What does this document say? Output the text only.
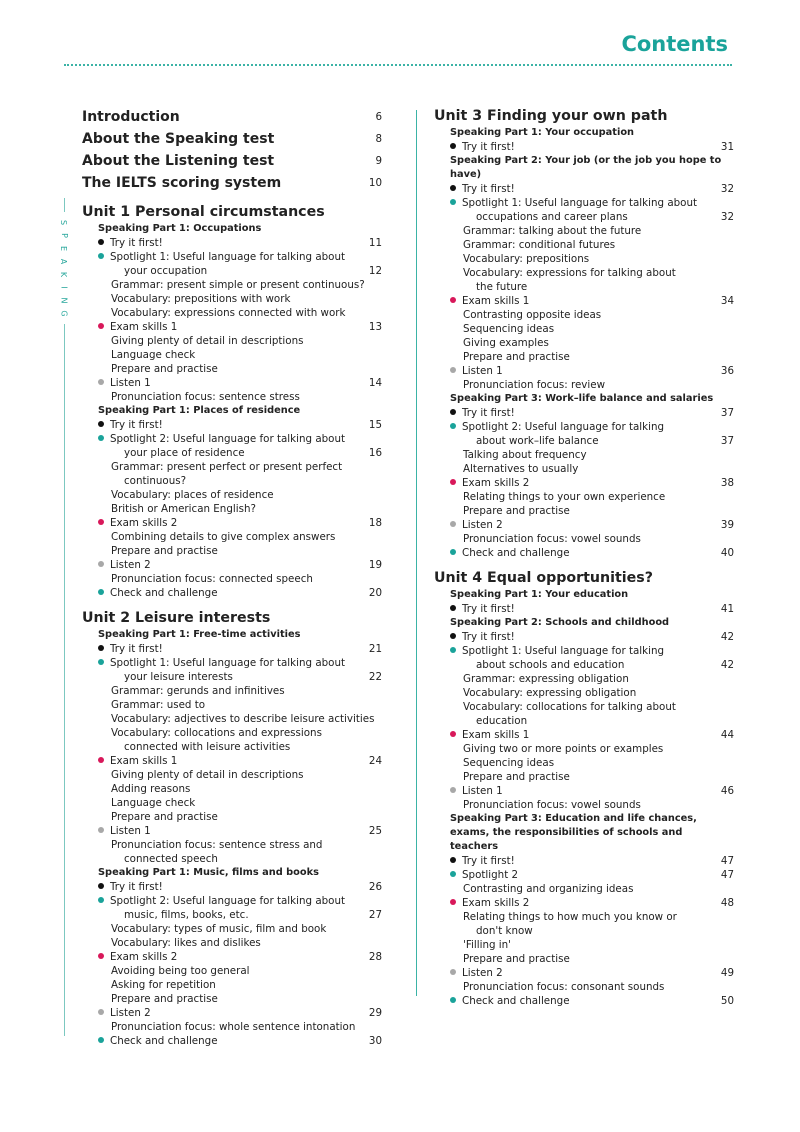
Contents
S
P
E
A
K
I
N
G
Introduction	6
About the Speaking test	8
About the Listening test	9
The IELTS scoring system	10
Unit 1 Personal circumstances
Speaking Part 1: Occupations
Try it first!	11
Spotlight 1: Useful language for talking about
your occupation	12
Grammar: present simple or present continuous?
Vocabulary: prepositions with work
Vocabulary: expressions connected with work
Exam skills 1	13
Giving plenty of detail in descriptions
Language check
Prepare and practise
Listen 1	14
Pronunciation focus: sentence stress
Speaking Part 1: Places of residence
Try it first!	15
Spotlight 2: Useful language for talking about
your place of residence	16
Grammar: present perfect or present perfect
continuous?
Vocabulary: places of residence
British or American English?
Exam skills 2	18
Combining details to give complex answers
Prepare and practise
Listen 2	19
Pronunciation focus: connected speech
Check and challenge	20
Unit 2 Leisure interests
Speaking Part 1: Free-time activities
Try it first!	21
Spotlight 1: Useful language for talking about
your leisure interests	22
Grammar: gerunds and infinitives
Grammar: used to
Vocabulary: adjectives to describe leisure activities
Vocabulary: collocations and expressions
connected with leisure activities
Exam skills 1	24
Giving plenty of detail in descriptions
Adding reasons
Language check
Prepare and practise
Listen 1	25
Pronunciation focus: sentence stress and
connected speech
Speaking Part 1: Music, films and books
Try it first!	26
Spotlight 2: Useful language for talking about
music, films, books, etc.	27
Vocabulary: types of music, film and book
Vocabulary: likes and dislikes
Exam skills 2	28
Avoiding being too general
Asking for repetition
Prepare and practise
Listen 2	29
Pronunciation focus: whole sentence intonation
Check and challenge	30
Unit 3 Finding your own path
Speaking Part 1: Your occupation
Try it first!	31
Speaking Part 2: Your job (or the job you hope to have)
Try it first!	32
Spotlight 1: Useful language for talking about
occupations and career plans	32
Grammar: talking about the future
Grammar: conditional futures
Vocabulary: prepositions
Vocabulary: expressions for talking about
the future
Exam skills 1	34
Contrasting opposite ideas
Sequencing ideas
Giving examples
Prepare and practise
Listen 1	36
Pronunciation focus: review
Speaking Part 3: Work–life balance and salaries
Try it first!	37
Spotlight 2: Useful language for talking
about work–life balance	37
Talking about frequency
Alternatives to usually
Exam skills 2	38
Relating things to your own experience
Prepare and practise
Listen 2	39
Pronunciation focus: vowel sounds
Check and challenge	40
Unit 4 Equal opportunities?
Speaking Part 1: Your education
Try it first!	41
Speaking Part 2: Schools and childhood
Try it first!	42
Spotlight 1: Useful language for talking
about schools and education	42
Grammar: expressing obligation
Vocabulary: expressing obligation
Vocabulary: collocations for talking about
education
Exam skills 1	44
Giving two or more points or examples
Sequencing ideas
Prepare and practise
Listen 1	46
Pronunciation focus: vowel sounds
Speaking Part 3: Education and life chances, exams, the responsibilities of schools and teachers
Try it first!	47
Spotlight 2	47
Contrasting and organizing ideas
Exam skills 2	48
Relating things to how much you know or
don't know
'Filling in'
Prepare and practise
Listen 2	49
Pronunciation focus: consonant sounds
Check and challenge	50
